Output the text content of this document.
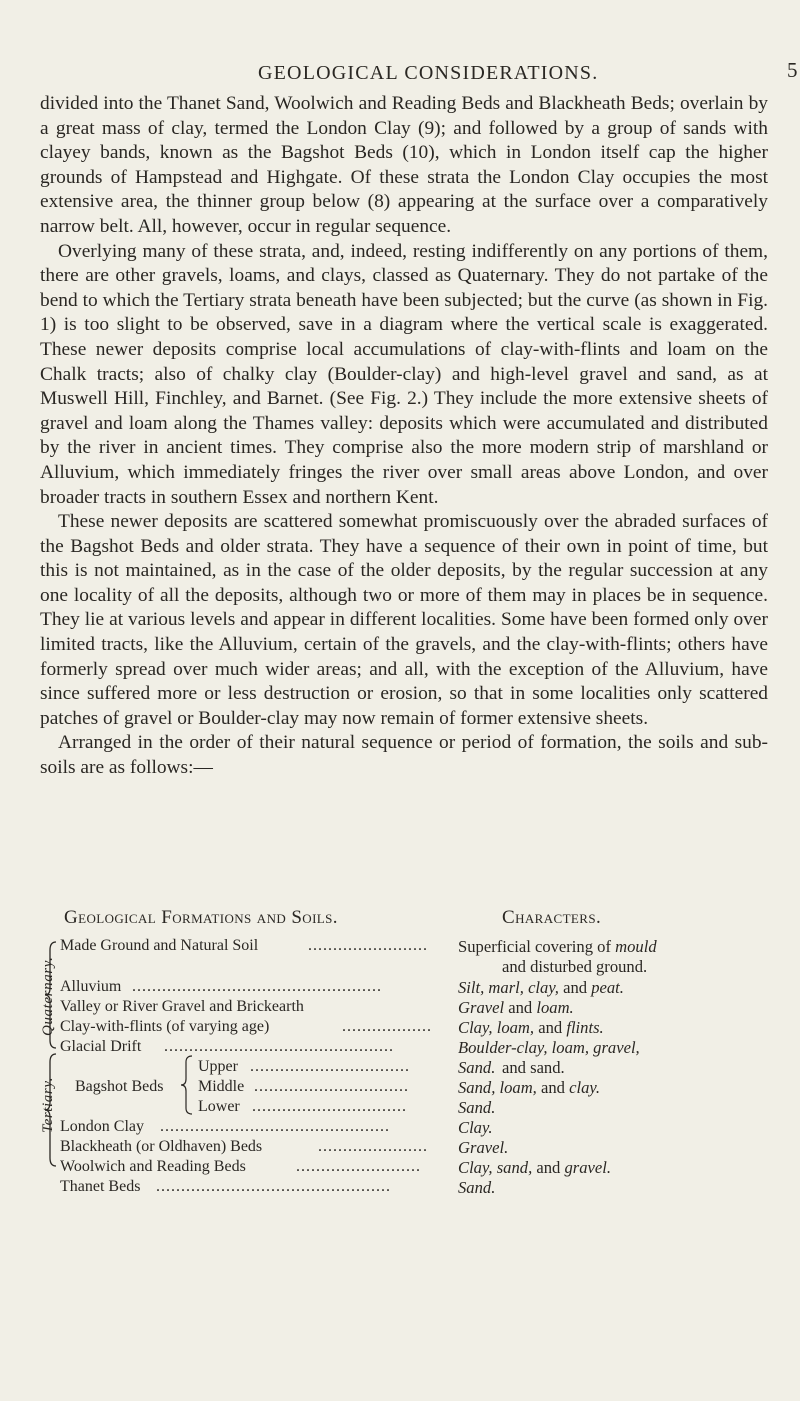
GEOLOGICAL CONSIDERATIONS.	5

divided into the Thanet Sand, Woolwich and Reading Beds and Blackheath Beds; overlain by a great mass of clay, termed the London Clay (9); and followed by a group of sands with clayey bands, known as the Bagshot Beds (10), which in London itself cap the higher grounds of Hampstead and Highgate. Of these strata the London Clay occupies the most extensive area, the thinner group below (8) appearing at the surface over a comparatively narrow belt. All, however, occur in regular sequence.

Overlying many of these strata, and, indeed, resting indifferently on any portions of them, there are other gravels, loams, and clays, classed as Quaternary. They do not partake of the bend to which the Tertiary strata beneath have been subjected; but the curve (as shown in Fig. 1) is too slight to be observed, save in a diagram where the vertical scale is exaggerated. These newer deposits comprise local accumulations of clay-with-flints and loam on the Chalk tracts; also of chalky clay (Boulder-clay) and high-level gravel and sand, as at Muswell Hill, Finchley, and Barnet. (See Fig. 2.) They include the more extensive sheets of gravel and loam along the Thames valley: deposits which were accumulated and distributed by the river in ancient times. They comprise also the more modern strip of marshland or Alluvium, which immediately fringes the river over small areas above London, and over broader tracts in southern Essex and northern Kent.

These newer deposits are scattered somewhat promiscuously over the abraded surfaces of the Bagshot Beds and older strata. They have a sequence of their own in point of time, but this is not maintained, as in the case of the older deposits, by the regular succession at any one locality of all the deposits, although two or more of them may in places be in sequence. They lie at various levels and appear in different localities. Some have been formed only over limited tracts, like the Alluvium, certain of the gravels, and the clay-with-flints; others have formerly spread over much wider areas; and all, with the exception of the Alluvium, have since suffered more or less destruction or erosion, so that in some localities only scattered patches of gravel or Boulder-clay may now remain of former extensive sheets.

Arranged in the order of their natural sequence or period of formation, the soils and sub-soils are as follows:—

Geological Formations and Soils.	Characters.
Quaternary.
Tertiary.
Made Ground and Natural Soil	........................	Superficial covering of mould
and disturbed ground.
Alluvium ..................................................	Silt, marl, clay, and peat.
Valley or River Gravel and Brickearth	Gravel and loam.
Clay-with-flints (of varying age)	..................	Clay, loam, and flints.
Glacial Drift ..............................................	Boulder-clay, loam, gravel,
and sand.
Bagshot Beds
Upper ................................	Sand.
Middle ...............................	Sand, loam, and clay.
Lower ...............................	Sand.
London Clay ..............................................	Clay.
Blackheath (or Oldhaven) Beds	......................	Gravel.
Woolwich and Reading Beds	.........................	Clay, sand, and gravel.
Thanet Beds ...............................................	Sand.
